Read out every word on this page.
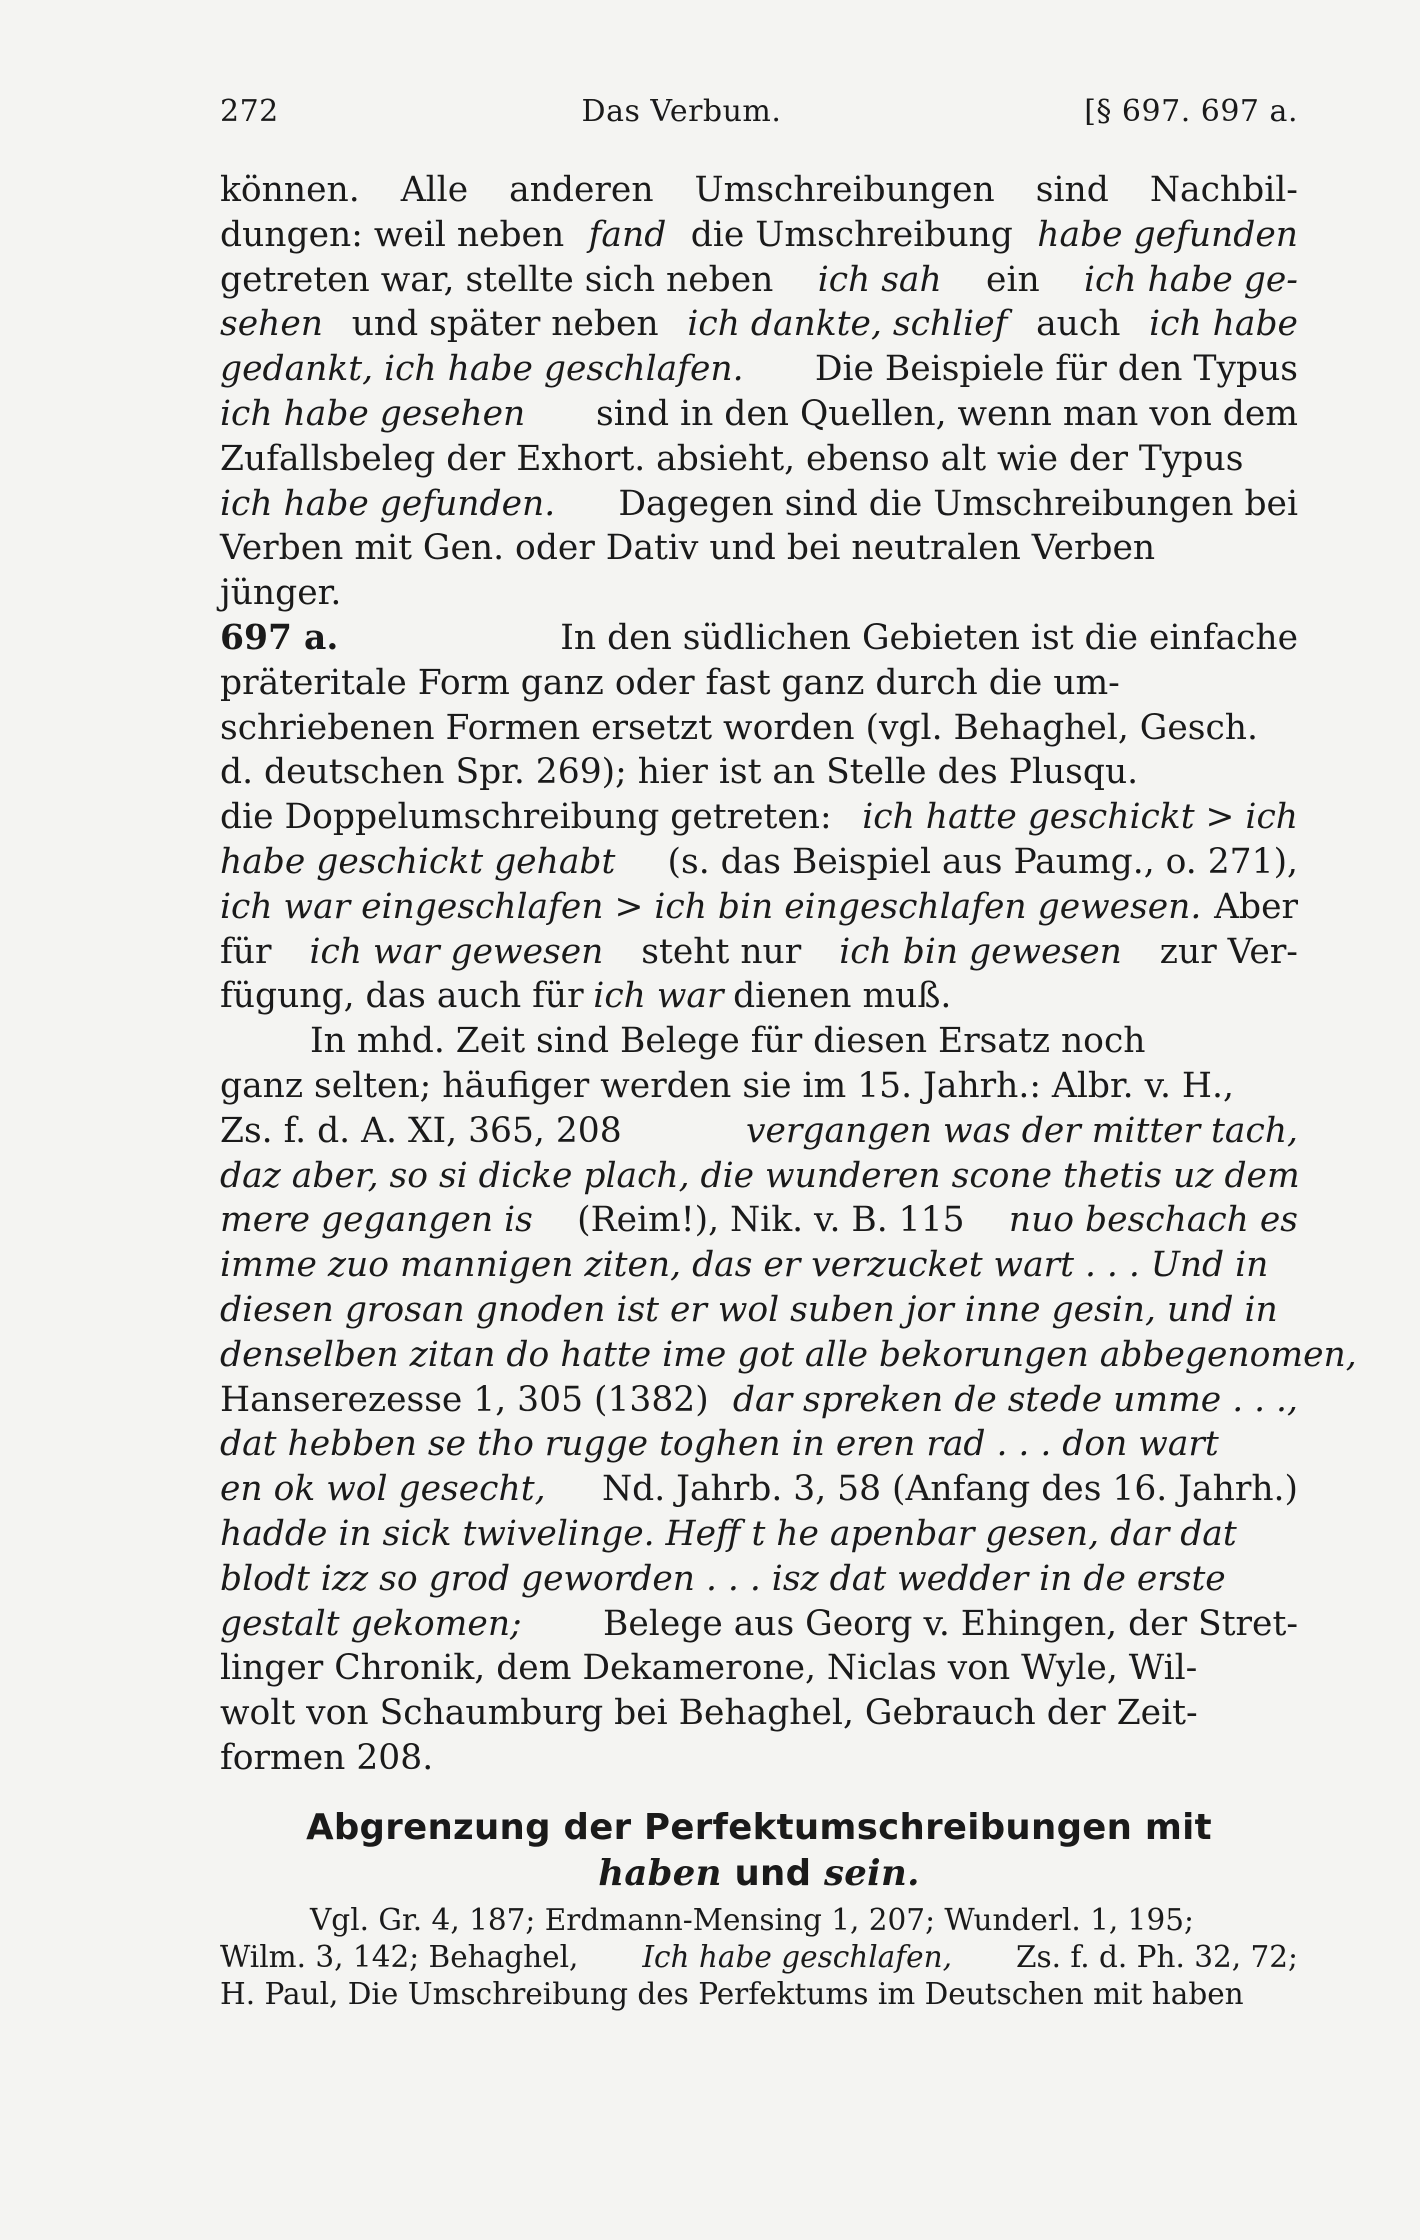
272	Das Verbum.	[§ 697. 697 a.
können. Alle anderen Umschreibungen sind Nachbil-
dungen: weil neben fand die Umschreibung habe gefunden
getreten war, stellte sich neben ich sah ein ich habe ge-
sehen und später neben ich dankte, schlief auch ich habe
gedankt, ich habe geschlafen. Die Beispiele für den Typus
ich habe gesehen sind in den Quellen, wenn man von dem
Zufallsbeleg der Exhort. absieht, ebenso alt wie der Typus
ich habe gefunden. Dagegen sind die Umschreibungen bei
Verben mit Gen. oder Dativ und bei neutralen Verben
jünger.
697 a.	In den südlichen Gebieten ist die einfache
präteritale Form ganz oder fast ganz durch die um-
schriebenen Formen ersetzt worden (vgl. Behaghel, Gesch.
d. deutschen Spr. 269); hier ist an Stelle des Plusqu.
die Doppelumschreibung getreten: ich hatte geschickt > ich
habe geschickt gehabt (s. das Beispiel aus Paumg., o. 271),
ich war eingeschlafen > ich bin eingeschlafen gewesen. Aber
für ich war gewesen steht nur ich bin gewesen zur Ver-
fügung, das auch für ich war dienen muß.
In mhd. Zeit sind Belege für diesen Ersatz noch
ganz selten; häufiger werden sie im 15. Jahrh.: Albr. v. H.,
Zs. f. d. A. XI, 365, 208	vergangen was der mitter tach,
daz aber, so si dicke plach, die wunderen scone thetis uz dem
mere gegangen is (Reim!), Nik. v. B. 115 nuo beschach es
imme zuo mannigen ziten, das er verzucket wart . . . Und in
diesen grosan gnoden ist er wol suben jor inne gesin, und in
denselben zitan do hatte ime got alle bekorungen abbegenomen,
Hanserezesse 1, 305 (1382) dar spreken de stede umme . . .,
dat hebben se tho rugge toghen in eren rad . . . don wart
en ok wol gesecht, Nd. Jahrb. 3, 58 (Anfang des 16. Jahrh.)
hadde in sick twivelinge. Heff t he apenbar gesen, dar dat
blodt izz so grod geworden . . . isz dat wedder in de erste
gestalt gekomen; Belege aus Georg v. Ehingen, der Stret-
linger Chronik, dem Dekamerone, Niclas von Wyle, Wil-
wolt von Schaumburg bei Behaghel, Gebrauch der Zeit-
formen 208.
Abgrenzung der Perfektumschreibungen mit
haben und sein.
Vgl. Gr. 4, 187; Erdmann-Mensing 1, 207; Wunderl. 1, 195;
Wilm. 3, 142; Behaghel, Ich habe geschlafen, Zs. f. d. Ph. 32, 72;
H. Paul, Die Umschreibung des Perfektums im Deutschen mit haben
